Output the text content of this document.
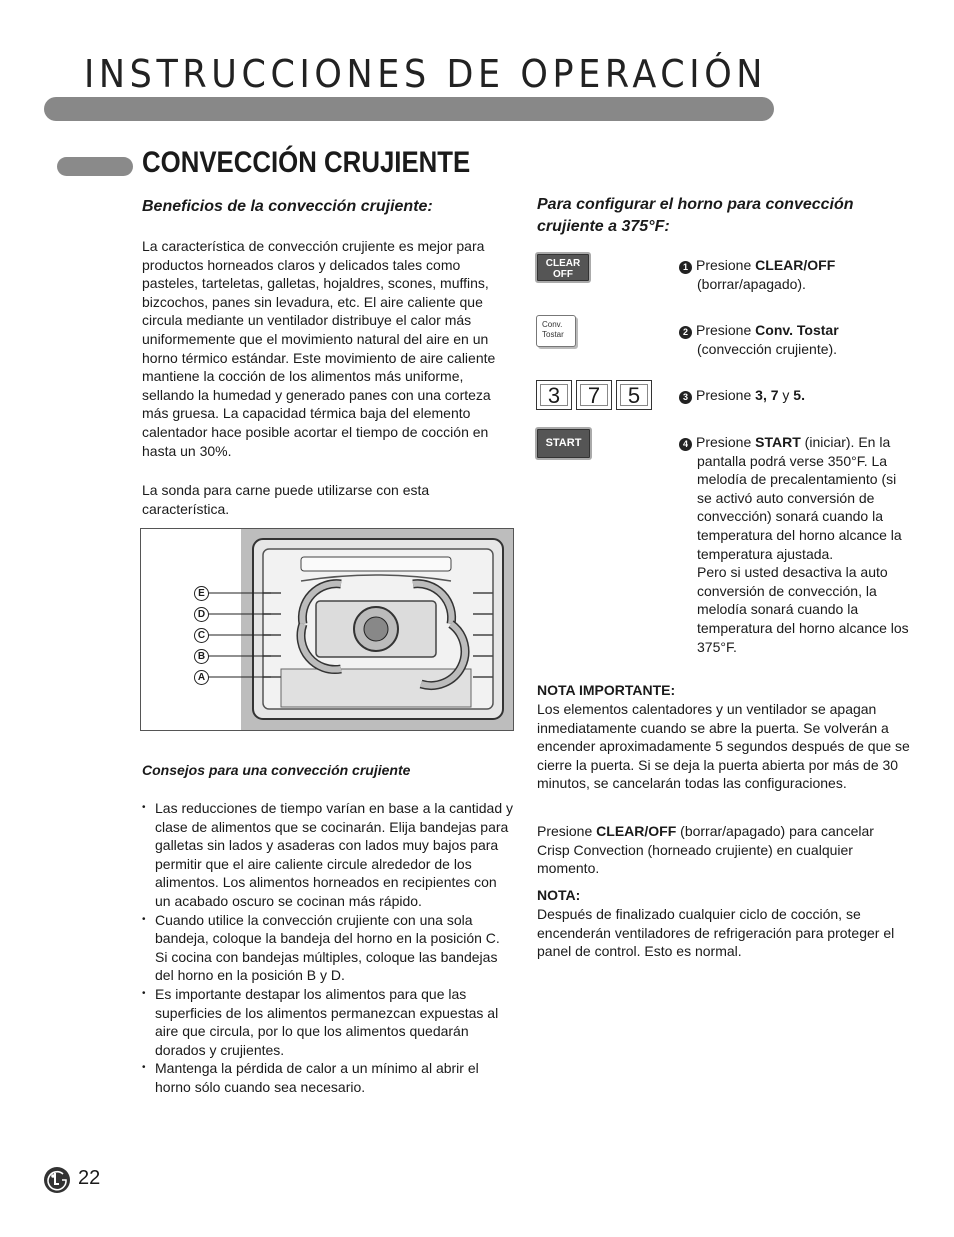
INSTRUCCIONES DE OPERACIÓN
CONVECCIÓN CRUJIENTE
Beneficios de la convección crujiente:
La característica de convección crujiente es mejor para productos horneados claros y delicados tales como pasteles, tarteletas, galletas, hojaldres, scones, muffins, bizcochos, panes sin levadura, etc. El aire caliente que circula mediante un ventilador distribuye el calor más uniformemente que el movimiento natural del aire en un horno térmico estándar. Este movimiento de aire caliente mantiene la cocción de los alimentos más uniforme, sellando la humedad y generado panes con una corteza más gruesa. La capacidad térmica baja del elemento calentador hace posible acortar el tiempo de cocción en hasta un 30%.
La sonda para carne puede utilizarse con esta característica.
E
D
C
B
A
Consejos para una convección crujiente
• Las reducciones de tiempo varían en base a la cantidad y clase de alimentos que se cocinarán. Elija bandejas para galletas sin lados y asaderas con lados muy bajos para permitir que el aire caliente circule alrededor de los alimentos. Los alimentos horneados en recipientes con un acabado oscuro se cocinan más rápido.
• Cuando utilice la convección crujiente con una sola bandeja, coloque la bandeja del horno en la posición C. Si cocina con bandejas múltiples, coloque las bandejas del horno en la posición B y D.
• Es importante destapar los alimentos para que las superficies de los alimentos permanezcan expuestas al aire que circula, por lo que los alimentos quedarán dorados y crujientes.
• Mantenga la pérdida de calor a un mínimo al abrir el horno sólo cuando sea necesario.
Para configurar el horno para convección
crujiente a 375°F:
CLEAR
OFF
Conv.
Tostar
3	7	5
START
1 Presione CLEAR/OFF
(borrar/apagado).
2 Presione Conv. Tostar
(convección crujiente).
3 Presione 3, 7 y 5.
4 Presione START (iniciar). En la pantalla podrá verse 350°F. La melodía de precalentamiento (si se activó auto conversión de convección) sonará cuando la temperatura del horno alcance la temperatura ajustada.
Pero si usted desactiva la auto conversión de convección, la melodía sonará cuando la temperatura del horno alcance los 375°F.
NOTA IMPORTANTE:
Los elementos calentadores y un ventilador se apagan inmediatamente cuando se abre la puerta. Se volverán a encender aproximadamente 5 segundos después de que se cierre la puerta. Si se deja la puerta abierta por más de 30 minutos, se cancelarán todas las configuraciones.
Presione CLEAR/OFF (borrar/apagado) para cancelar Crisp Convection (horneado crujiente) en cualquier momento.
NOTA:
Después de finalizado cualquier ciclo de cocción, se encenderán ventiladores de refrigeración para proteger el panel de control. Esto es normal.
22
